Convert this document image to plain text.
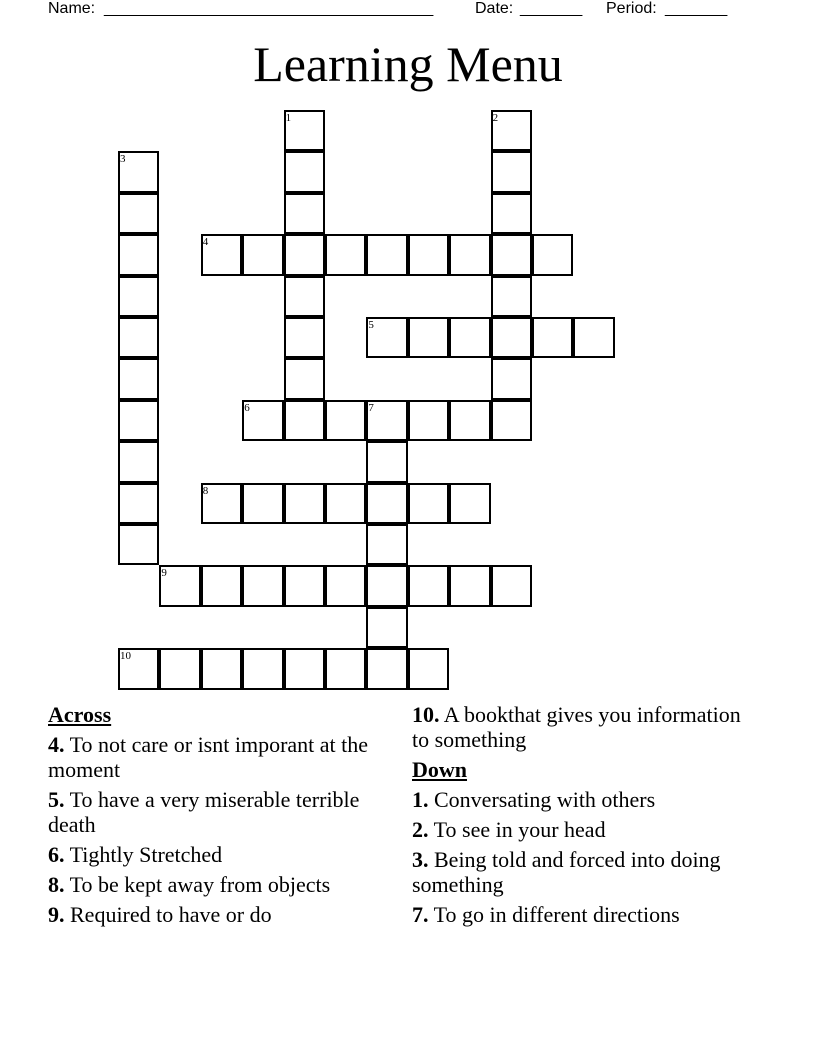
Name: _____________________________________	Date: _______ Period: _______
Learning Menu
4
5
6
8
9
10
1	2
3
7
Across
4. To not care or isnt imporant at the moment
5. To have a very miserable terrible death
6. Tightly Stretched
8. To be kept away from objects
9. Required to have or do
10. A bookthat gives you information to something
Down
1. Conversating with others
2. To see in your head
3. Being told and forced into doing something
7. To go in different directions
